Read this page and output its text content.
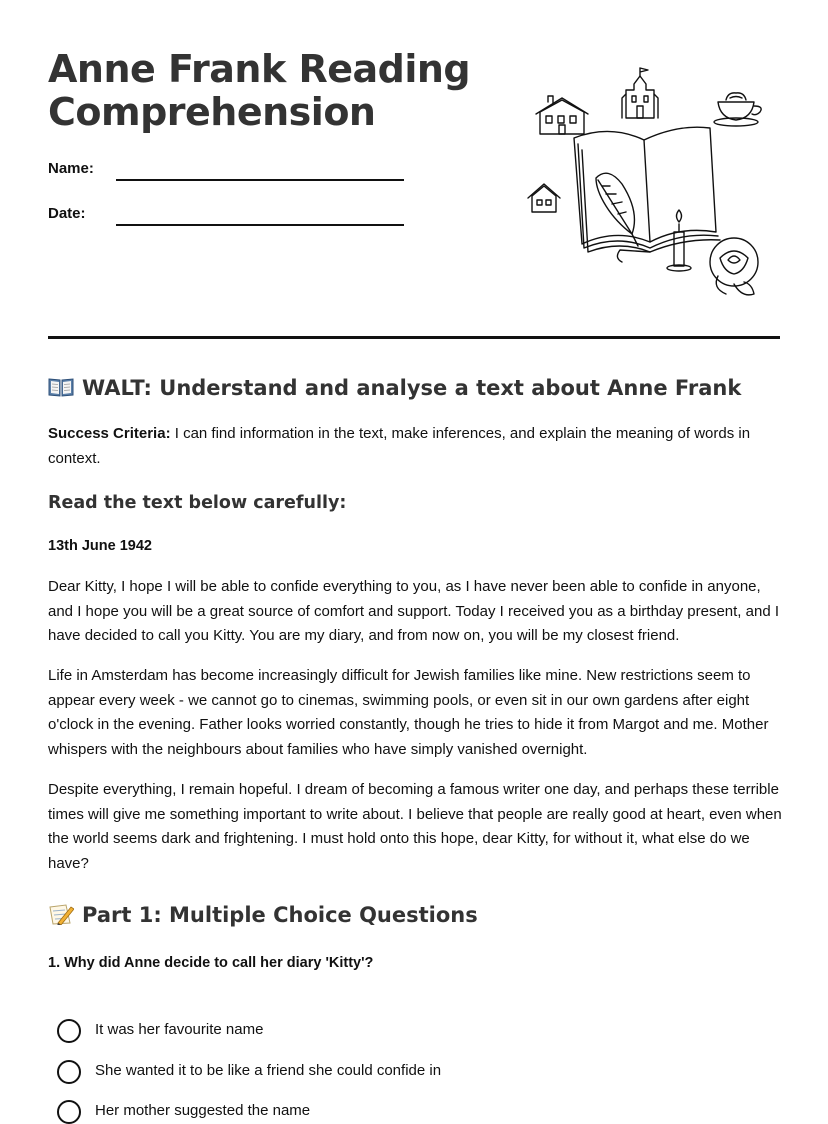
Anne Frank Reading
Comprehension
Name:
Date:
WALT: Understand and analyse a text about Anne Frank

Success Criteria: I can find information in the text, make inferences, and explain the meaning of words in context.

Read the text below carefully:

13th June 1942

Dear Kitty, I hope I will be able to confide everything to you, as I have never been able to confide in anyone, and I hope you will be a great source of comfort and support. Today I received you as a birthday present, and I have decided to call you Kitty. You are my diary, and from now on, you will be my closest friend.

Life in Amsterdam has become increasingly difficult for Jewish families like mine. New restrictions seem to appear every week - we cannot go to cinemas, swimming pools, or even sit in our own gardens after eight o'clock in the evening. Father looks worried constantly, though he tries to hide it from Margot and me. Mother whispers with the neighbours about families who have simply vanished overnight.

Despite everything, I remain hopeful. I dream of becoming a famous writer one day, and perhaps these terrible times will give me something important to write about. I believe that people are really good at heart, even when the world seems dark and frightening. I must hold onto this hope, dear Kitty, for without it, what else do we have?

Part 1: Multiple Choice Questions

1. Why did Anne decide to call her diary 'Kitty'?

It was her favourite name
She wanted it to be like a friend she could confide in
Her mother suggested the name
